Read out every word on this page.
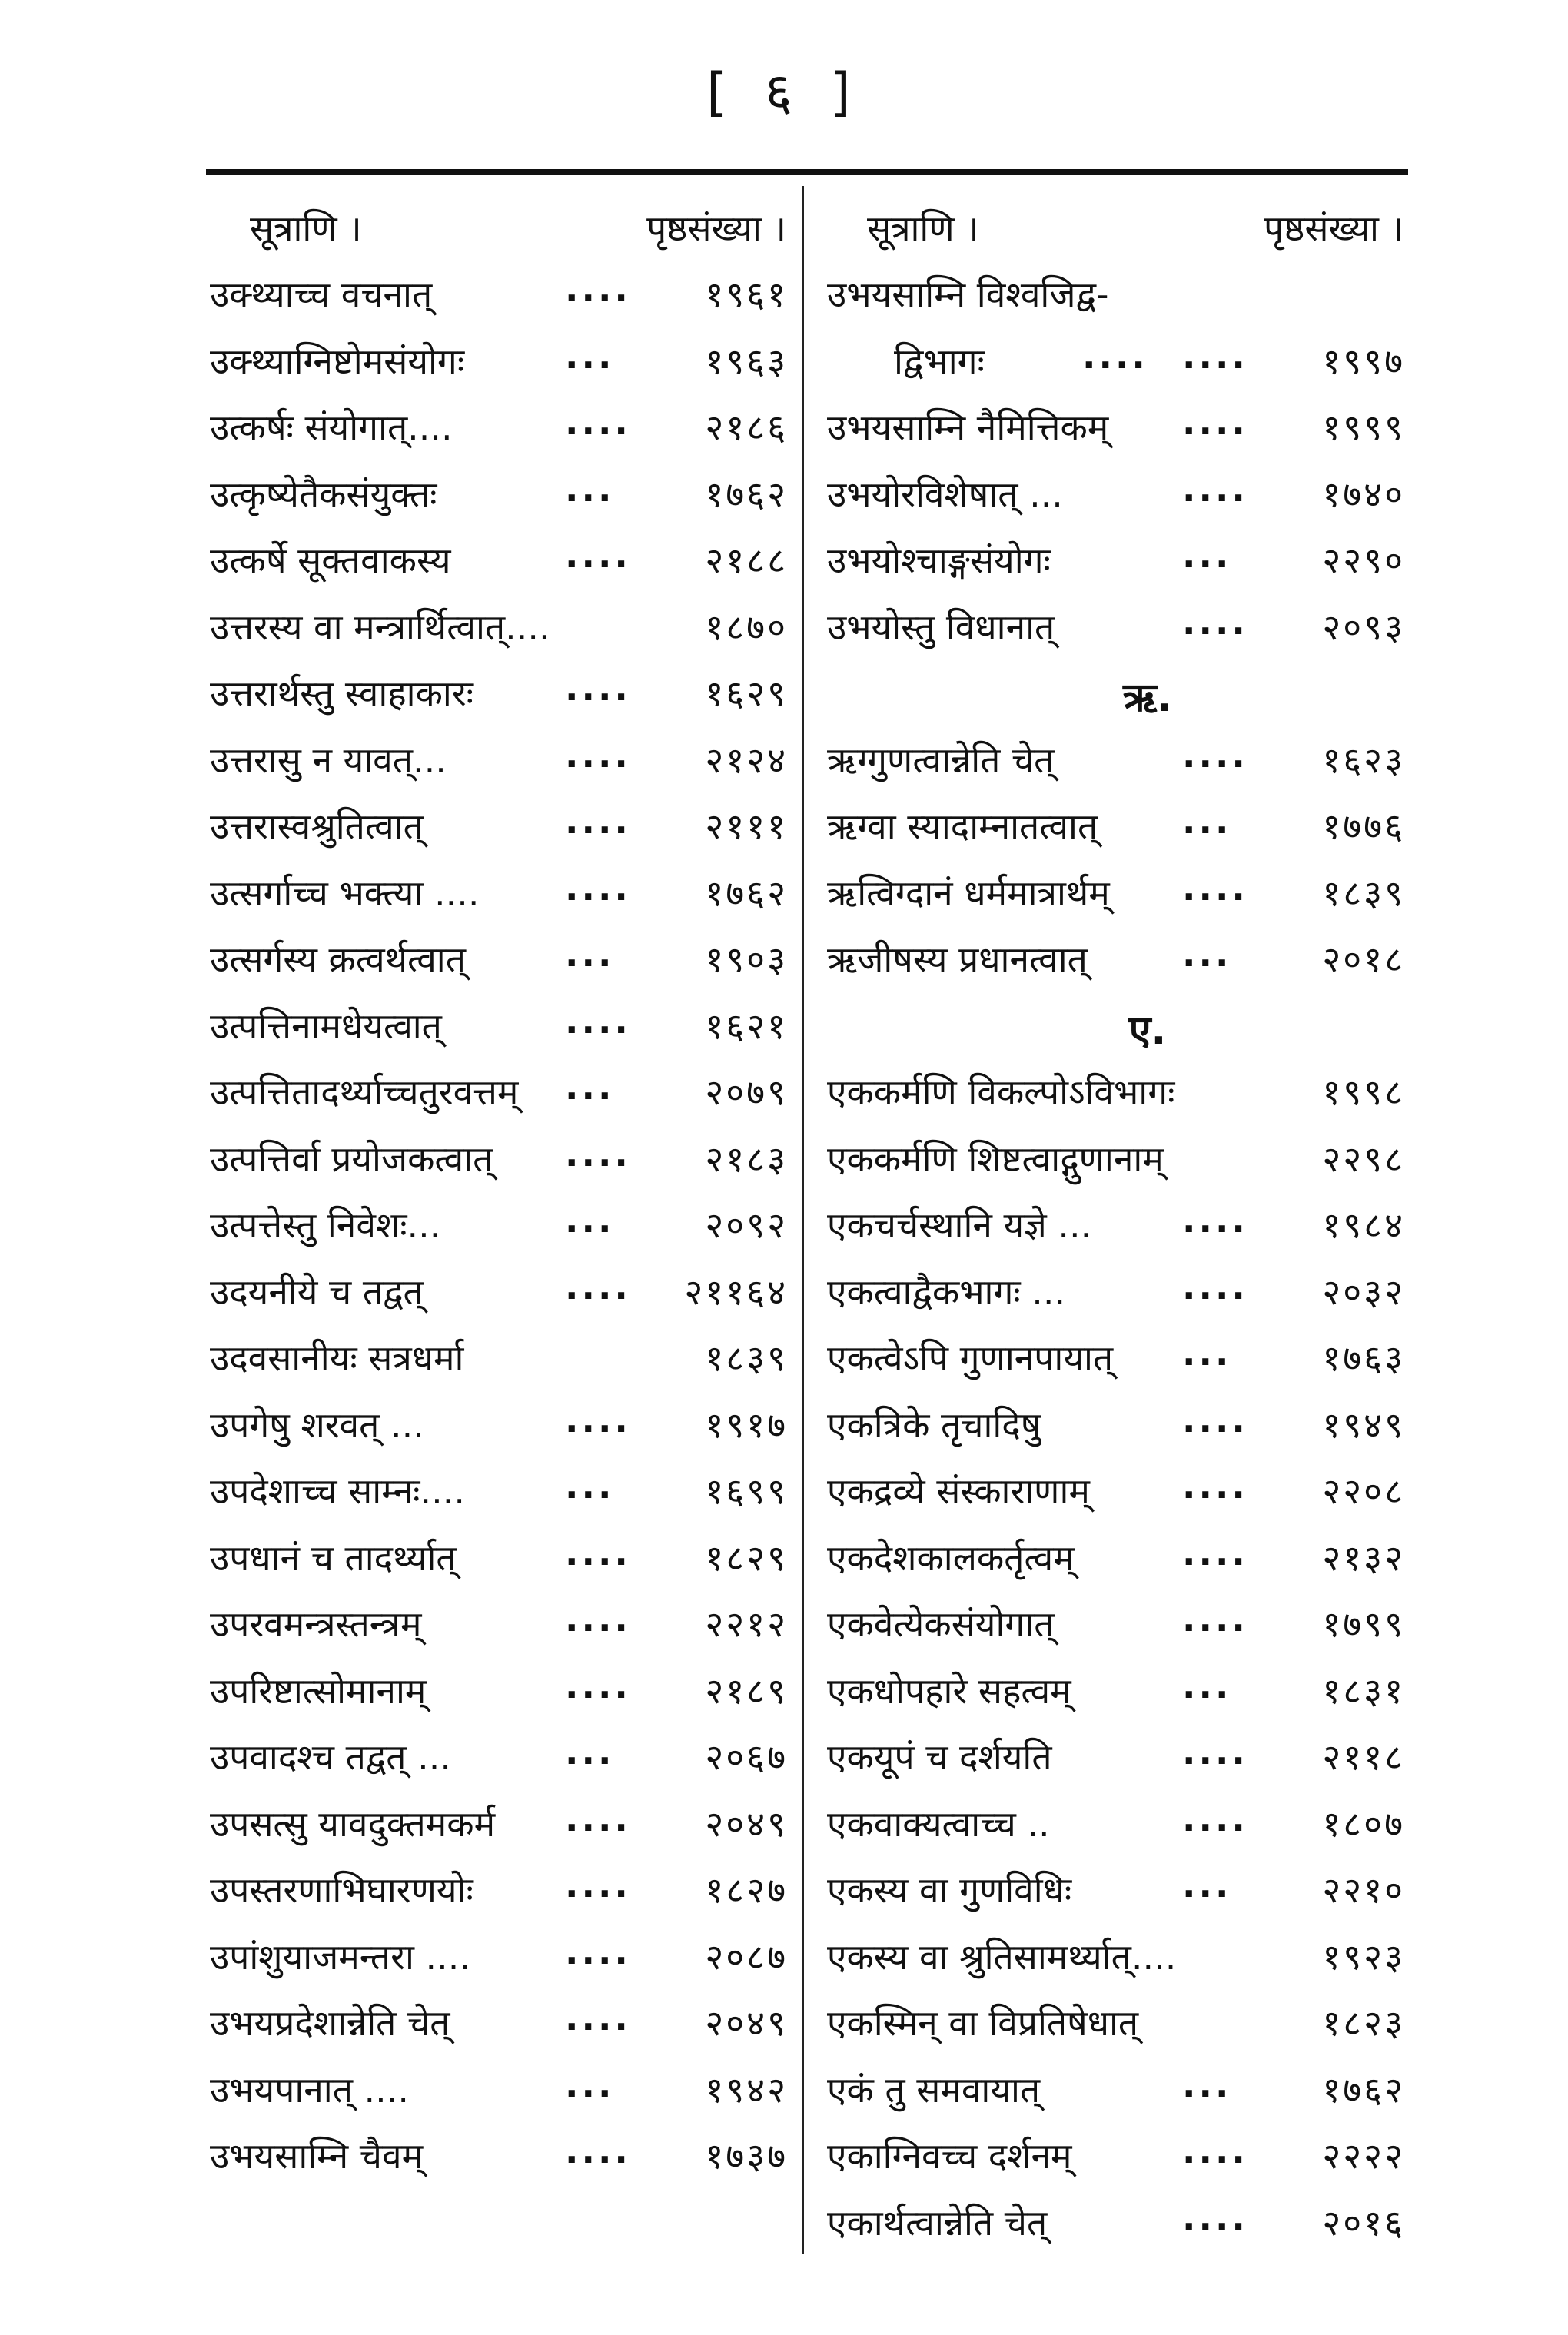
[ ६ ]
सूत्राणि ।	पृष्ठसंख्या ।
उक्थ्याच्च वचनात्	.... १९६१
उक्थ्याग्निष्टोमसंयोगः	...	१९६३
उत्कर्षः संयोगात्....	.... २१८६
उत्कृष्येतैकसंयुक्तः	...	१७६२
उत्कर्षे सूक्तवाकस्य	.... २१८८
उत्तरस्य वा मन्त्रार्थित्वात्....	१८७०
उत्तरार्थस्तु स्वाहाकारः	.... १६२९
उत्तरासु न यावत्...	.... २१२४
उत्तरास्वश्रुतित्वात्	.... २१११
उत्सर्गाच्च भक्त्या .... .... १७६२
उत्सर्गस्य क्रत्वर्थत्वात्	...	१९०३
उत्पत्तिनामधेयत्वात्	.... १६२१
उत्पत्तितादर्थ्याच्चतुरवत्तम् ...	२०७९
उत्पत्तिर्वा प्रयोजकत्वात् .... २१८३
उत्पत्तेस्तु निवेशः...	...	२०९२
उदयनीये च तद्वत्	.... २११६४
उदवसानीयः सत्रधर्मा	१८३९
उपगेषु शरवत् ...	.... १९१७
उपदेशाच्च साम्नः....	...	१६९९
उपधानं च तादर्थ्यात्	.... १८२९
उपरवमन्त्रस्तन्त्रम्	.... २२१२
उपरिष्टात्सोमानाम्	.... २१८९
उपवादश्च तद्वत् ...	...	२०६७
उपसत्सु यावदुक्तमकर्म .... २०४९
उपस्तरणाभिघारणयोः	.... १८२७
उपांशुयाजमन्तरा ....	.... २०८७
उभयप्रदेशान्नेति चेत्	.... २०४९
उभयपानात् ....	...	१९४२
उभयसाम्नि चैवम्	.... १७३७
सूत्राणि ।	पृष्ठसंख्या ।
उभयसाम्नि विश्वजिद्व-
द्विभागः	.... .... १९९७
उभयसाम्नि नैमित्तिकम् .... १९९९
उभयोरविशेषात् ...	.... १७४०
उभयोश्चाङ्गसंयोगः	...	२२९०
उभयोस्तु विधानात्	.... २०९३
ऋ.
ऋग्गुणत्वान्नेति चेत्	.... १६२३
ऋग्वा स्यादाम्नातत्वात् ...	१७७६
ऋत्विग्दानं धर्ममात्रार्थम् .... १८३९
ऋजीषस्य प्रधानत्वात्	...	२०१८
ए.
एककर्मणि विकल्पोऽविभागः	१९९८
एककर्मणि शिष्टत्वाद्गुणानाम्	२२९८
एकचर्चस्थानि यज्ञे ...	.... १९८४
एकत्वाद्वैकभागः ...	.... २०३२
एकत्वेऽपि गुणानपायात् ...	१७६३
एकत्रिके तृचादिषु	.... १९४९
एकद्रव्ये संस्काराणाम्	.... २२०८
एकदेशकालकर्तृत्वम्	.... २१३२
एकवेत्येकसंयोगात्	.... १७९९
एकधोपहारे सहत्वम्	...	१८३१
एकयूपं च दर्शयति	.... २११८
एकवाक्यत्वाच्च ..	.... १८०७
एकस्य वा गुणविधिः	...	२२१०
एकस्य वा श्रुतिसामर्थ्यात्....	१९२३
एकस्मिन् वा विप्रतिषेधात्	१८२३
एकं तु समवायात्	...	१७६२
एकाग्निवच्च दर्शनम्	.... २२२२
एकार्थत्वान्नेति चेत्	.... २०१६
